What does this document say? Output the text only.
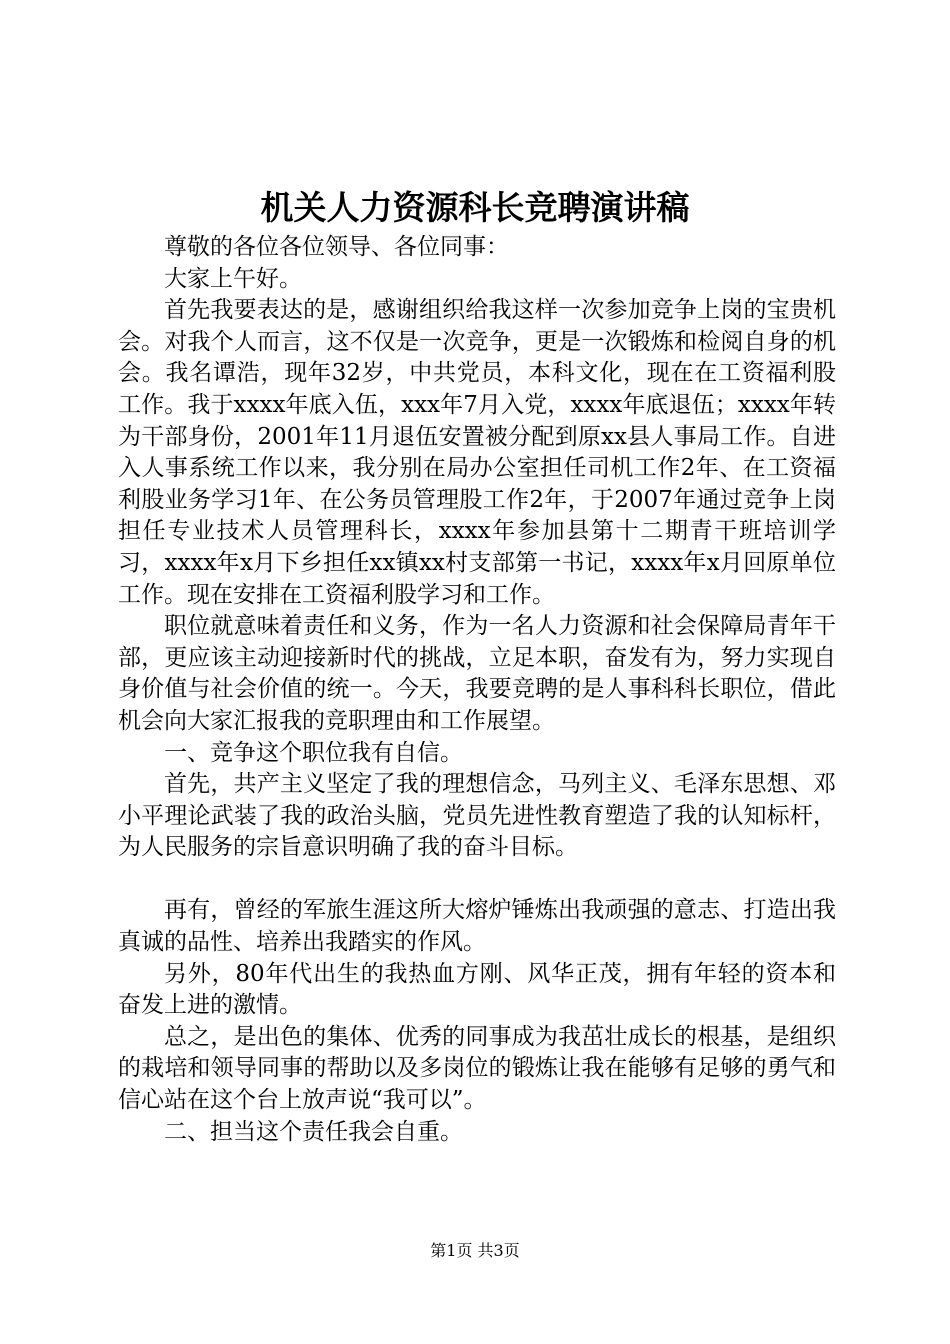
机关人力资源科长竞聘演讲稿

尊敬的各位各位领导、各位同事：

大家上午好。

首先我要表达的是，感谢组织给我这样一次参加竞争上岗的宝贵机会。对我个人而言，这不仅是一次竞争，更是一次锻炼和检阅自身的机会。我名谭浩，现年32岁，中共党员，本科文化，现在在工资福利股工作。我于xxxx年底入伍，xxx年7月入党，xxxx年底退伍；xxxx年转为干部身份，2001年11月退伍安置被分配到原xx县人事局工作。自进入人事系统工作以来，我分别在局办公室担任司机工作2年、在工资福利股业务学习1年、在公务员管理股工作2年，于2007年通过竞争上岗担任专业技术人员管理科长，xxxx年参加县第十二期青干班培训学习，xxxx年x月下乡担任xx镇xx村支部第一书记，xxxx年x月回原单位工作。现在安排在工资福利股学习和工作。

职位就意味着责任和义务，作为一名人力资源和社会保障局青年干部，更应该主动迎接新时代的挑战，立足本职，奋发有为，努力实现自身价值与社会价值的统一。今天，我要竞聘的是人事科科长职位，借此机会向大家汇报我的竞职理由和工作展望。

一、竞争这个职位我有自信。

首先，共产主义坚定了我的理想信念，马列主义、毛泽东思想、邓小平理论武装了我的政治头脑，党员先进性教育塑造了我的认知标杆，为人民服务的宗旨意识明确了我的奋斗目标。

再有，曾经的军旅生涯这所大熔炉锤炼出我顽强的意志、打造出我真诚的品性、培养出我踏实的作风。

另外，80年代出生的我热血方刚、风华正茂，拥有年轻的资本和奋发上进的激情。

总之，是出色的集体、优秀的同事成为我茁壮成长的根基，是组织的栽培和领导同事的帮助以及多岗位的锻炼让我在能够有足够的勇气和信心站在这个台上放声说“我可以”。

二、担当这个责任我会自重。

第1页 共3页
